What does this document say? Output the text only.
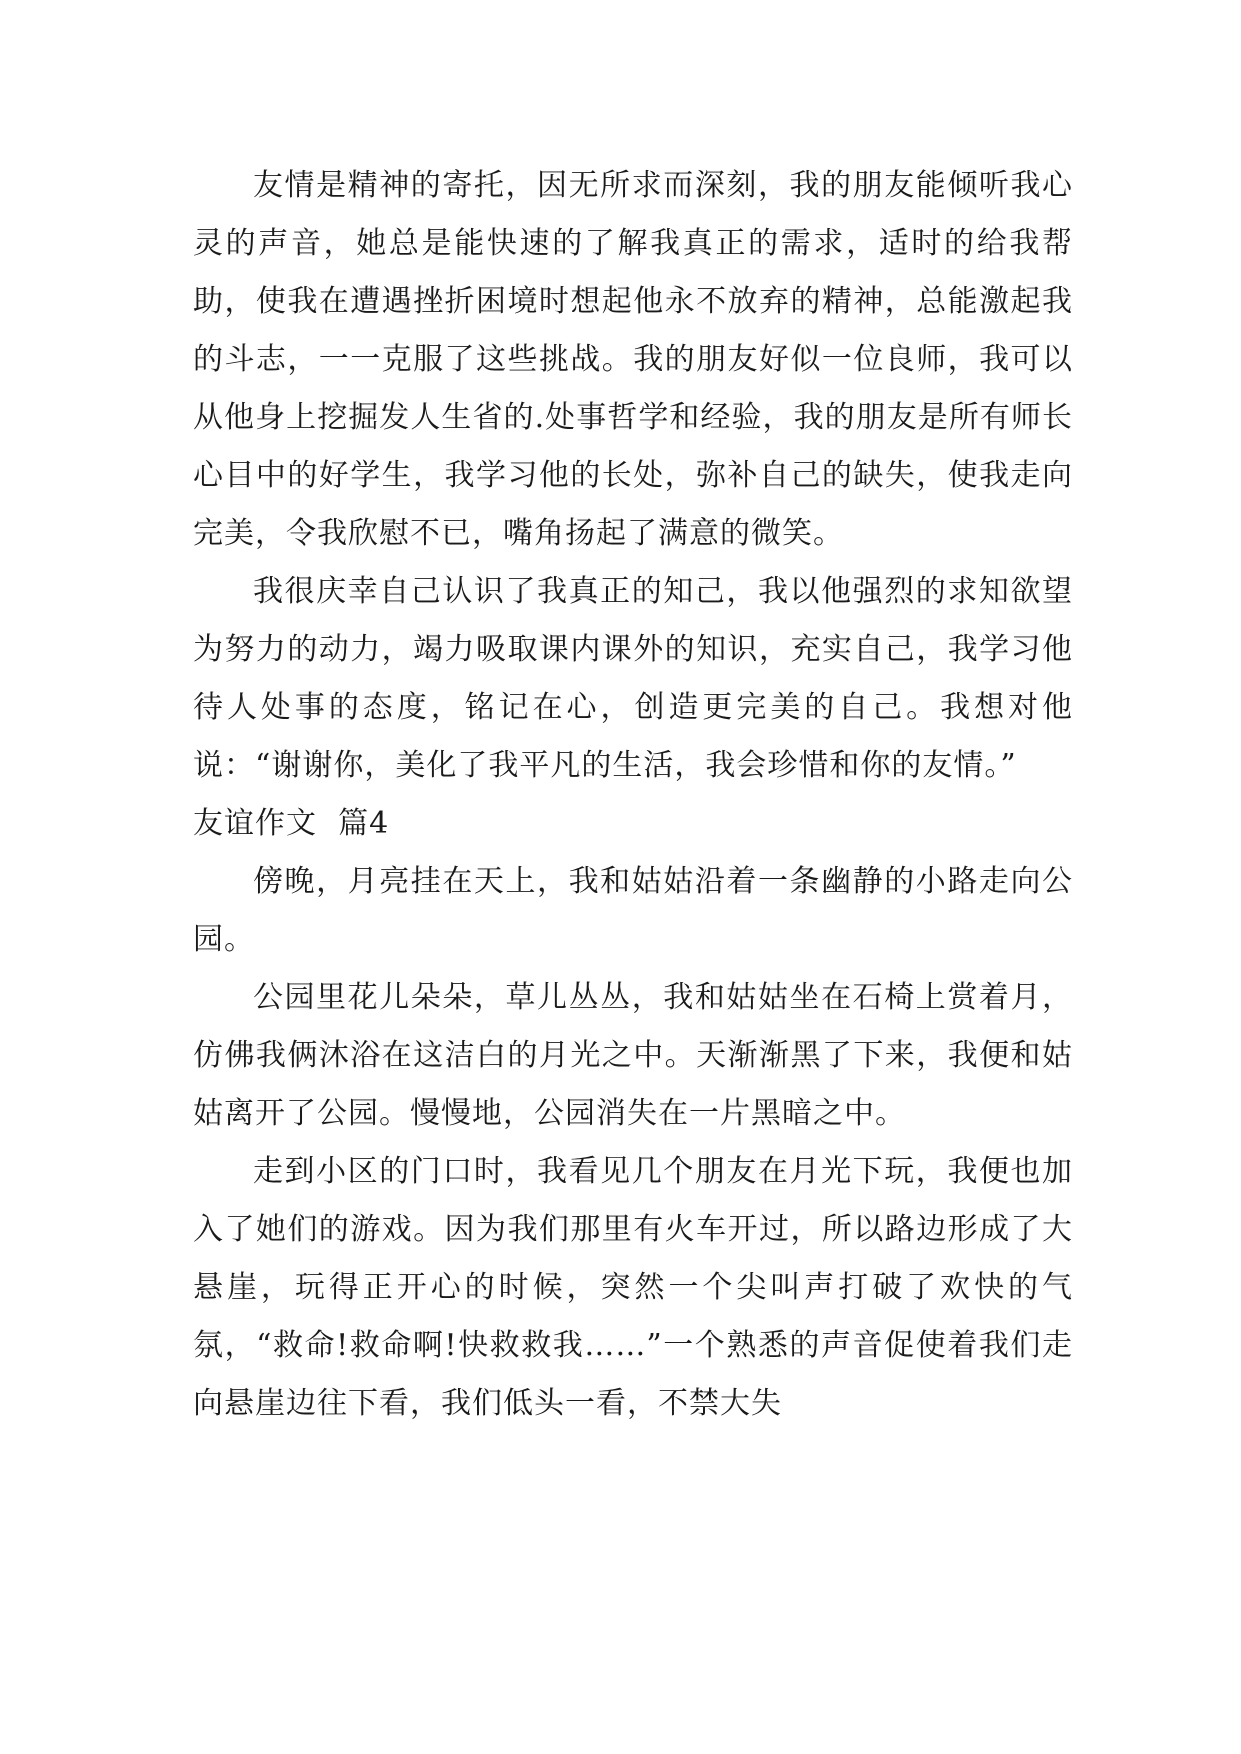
友情是精神的寄托，因无所求而深刻，我的朋友能倾听我心灵的声音，她总是能快速的了解我真正的需求，适时的给我帮助，使我在遭遇挫折困境时想起他永不放弃的精神，总能激起我的斗志，一一克服了这些挑战。我的朋友好似一位良师，我可以从他身上挖掘发人生省的.处事哲学和经验，我的朋友是所有师长心目中的好学生，我学习他的长处，弥补自己的缺失，使我走向完美，令我欣慰不已，嘴角扬起了满意的微笑。

我很庆幸自己认识了我真正的知己，我以他强烈的求知欲望为努力的动力，竭力吸取课内课外的知识，充实自己，我学习他待人处事的态度，铭记在心，创造更完美的自己。我想对他说：“谢谢你，美化了我平凡的生活，我会珍惜和你的友情。”

友谊作文  篇4

傍晚，月亮挂在天上，我和姑姑沿着一条幽静的小路走向公园。

公园里花儿朵朵，草儿丛丛，我和姑姑坐在石椅上赏着月，仿佛我俩沐浴在这洁白的月光之中。天渐渐黑了下来，我便和姑姑离开了公园。慢慢地，公园消失在一片黑暗之中。

走到小区的门口时，我看见几个朋友在月光下玩，我便也加入了她们的游戏。因为我们那里有火车开过，所以路边形成了大悬崖，玩得正开心的时候，突然一个尖叫声打破了欢快的气氛，“救命!救命啊!快救救我……”一个熟悉的声音促使着我们走向悬崖边往下看，我们低头一看，不禁大失
